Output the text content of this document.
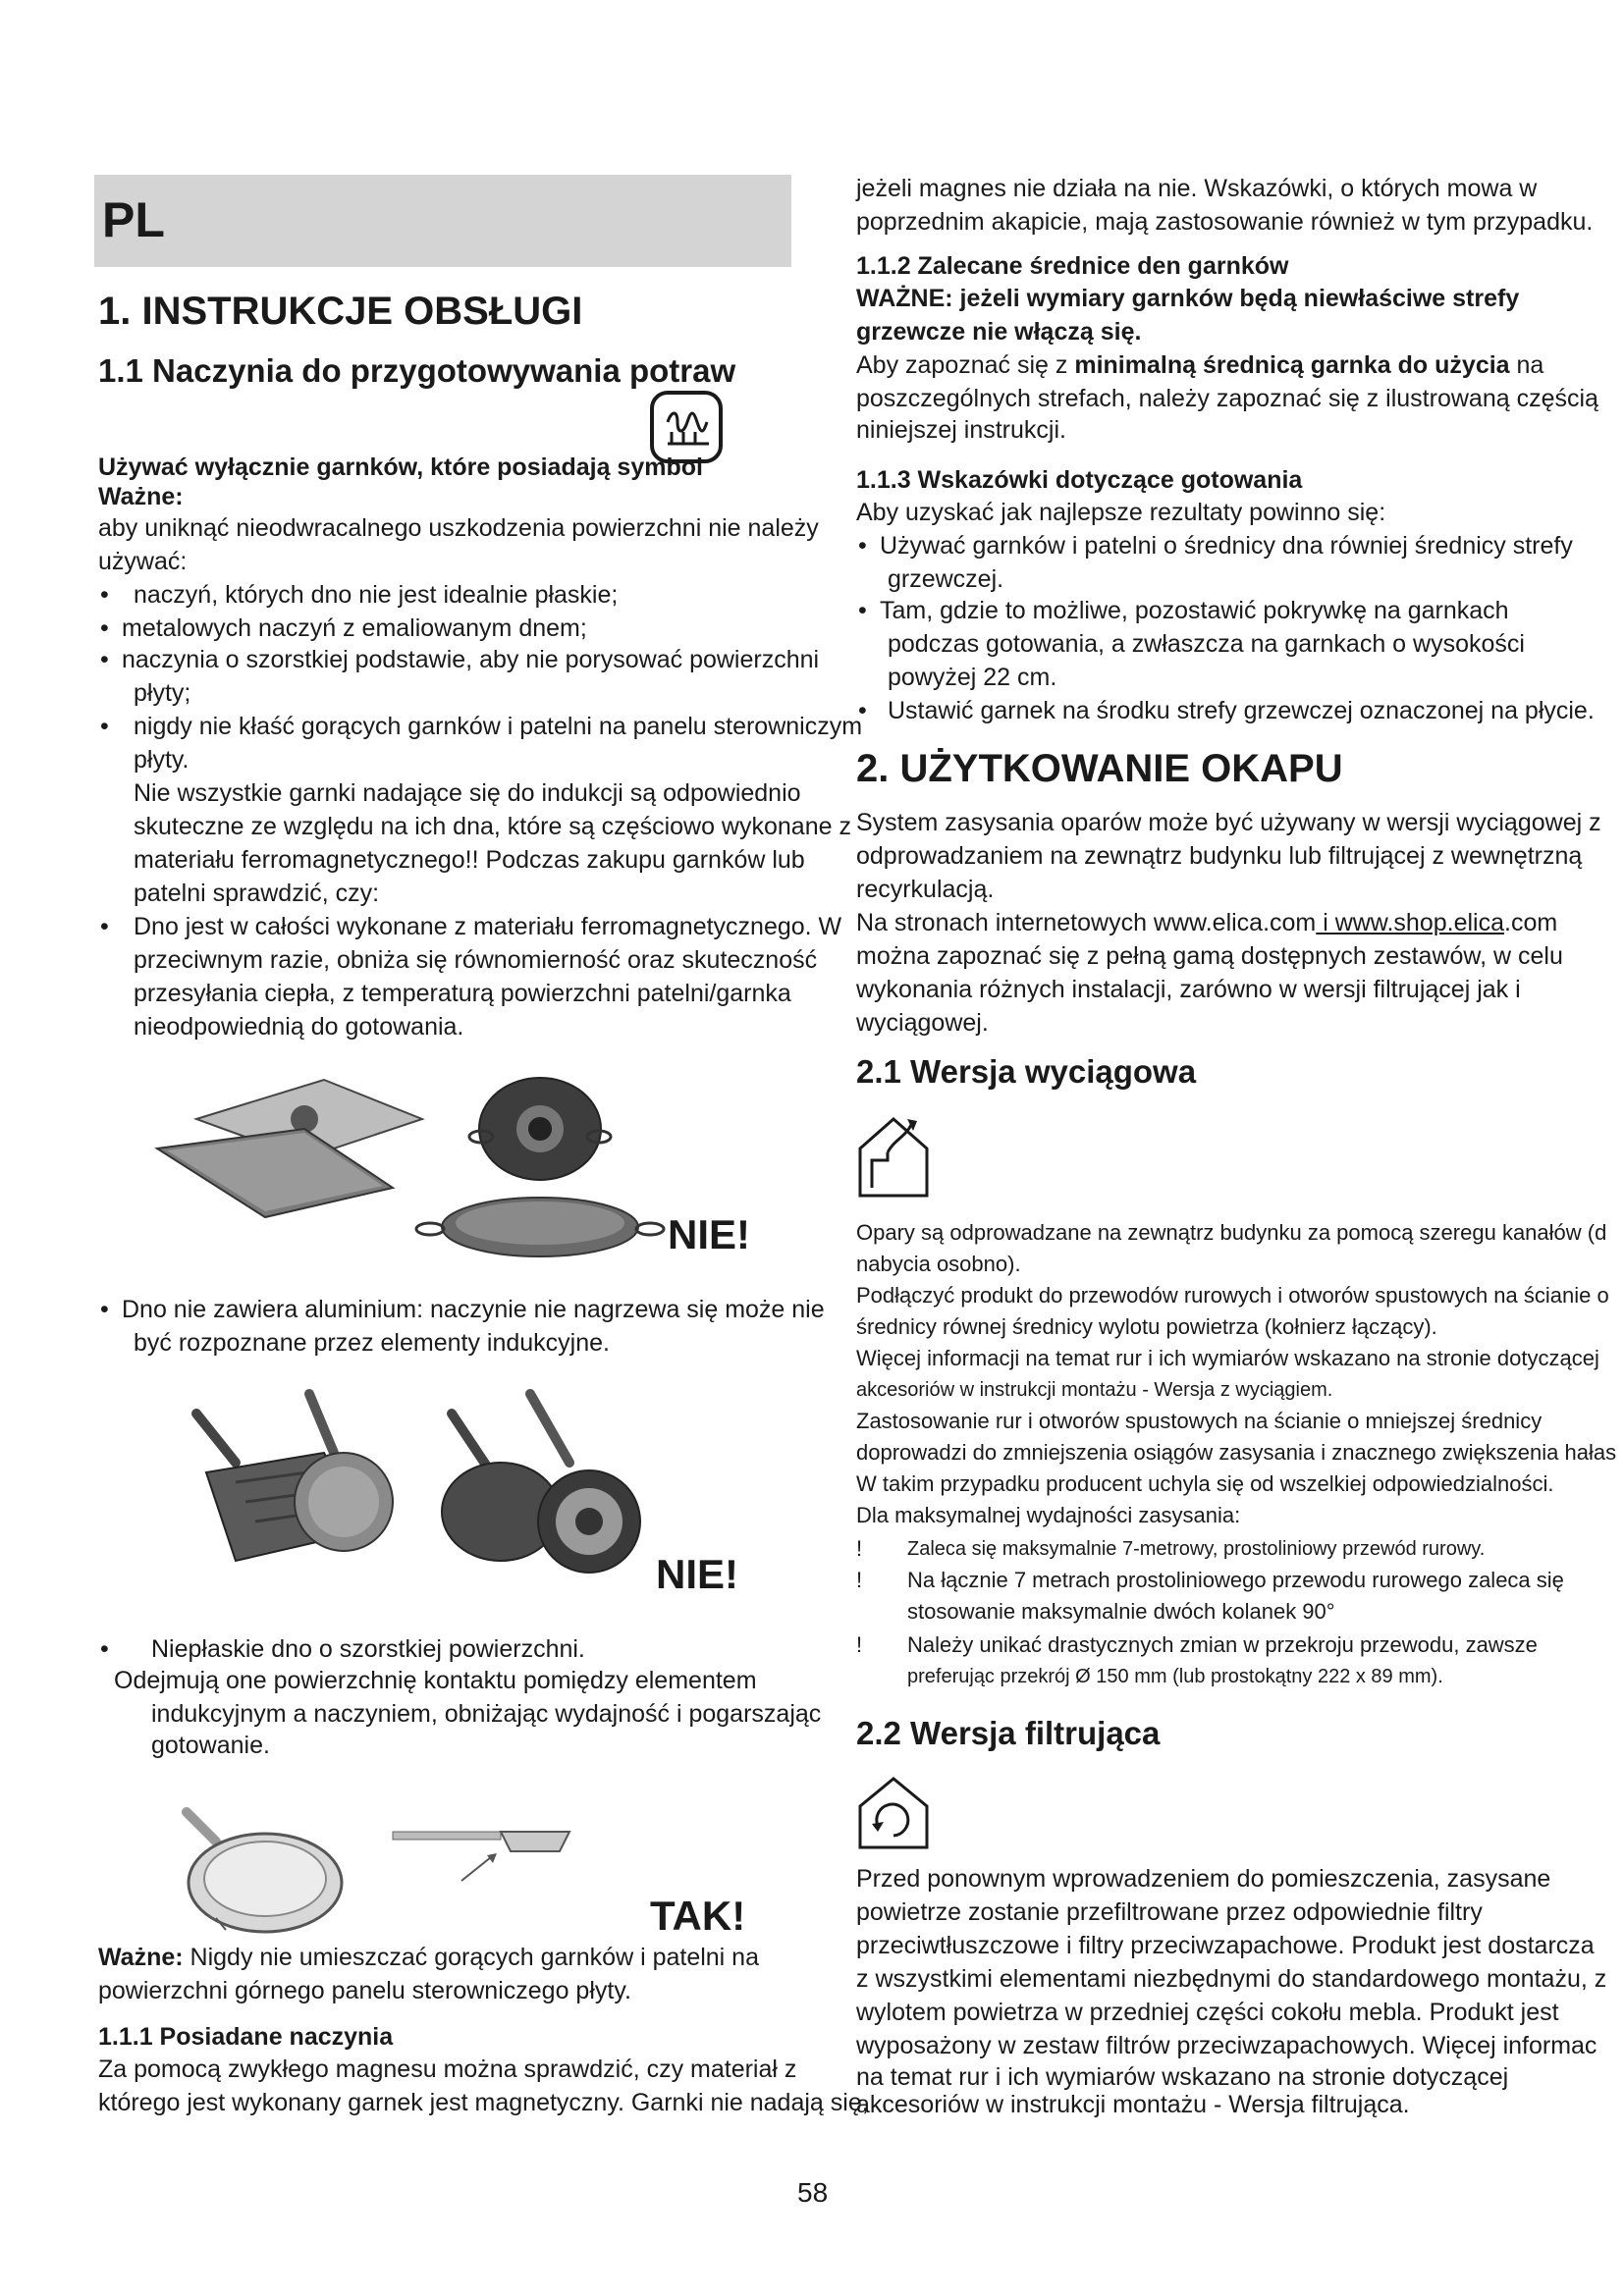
PL
1. INSTRUKCJE OBSŁUGI
1.1 Naczynia do przygotowywania potraw
Używać wyłącznie garnków, które posiadają symbol
Ważne:
aby uniknąć nieodwracalnego uszkodzenia powierzchni nie należy
używać:
• naczyń, których dno nie jest idealnie płaskie;
• metalowych naczyń z emaliowanym dnem;
• naczynia o szorstkiej podstawie, aby nie porysować powierzchni
płyty;
• nigdy nie kłaść gorących garnków i patelni na panelu sterowniczym
płyty.
Nie wszystkie garnki nadające się do indukcji są odpowiednio
skuteczne ze względu na ich dna, które są częściowo wykonane z
materiału ferromagnetycznego!! Podczas zakupu garnków lub
patelni sprawdzić, czy:
• Dno jest w całości wykonane z materiału ferromagnetycznego. W
przeciwnym razie, obniża się równomierność oraz skuteczność
przesyłania ciepła, z temperaturą powierzchni patelni/garnka
nieodpowiednią do gotowania.
NIE!
• Dno nie zawiera aluminium: naczynie nie nagrzewa się może nie
być rozpoznane przez elementy indukcyjne.
NIE!
• Niepłaskie dno o szorstkiej powierzchni.
Odejmują one powierzchnię kontaktu pomiędzy elementem
indukcyjnym a naczyniem, obniżając wydajność i pogarszając
gotowanie.
TAK!
Ważne: Nigdy nie umieszczać gorących garnków i patelni na
powierzchni górnego panelu sterowniczego płyty.
1.1.1 Posiadane naczynia
Za pomocą zwykłego magnesu można sprawdzić, czy materiał z
którego jest wykonany garnek jest magnetyczny. Garnki nie nadają się,
jeżeli magnes nie działa na nie. Wskazówki, o których mowa w
poprzednim akapicie, mają zastosowanie również w tym przypadku.
1.1.2 Zalecane średnice den garnków
WAŻNE: jeżeli wymiary garnków będą niewłaściwe strefy
grzewcze nie włączą się.
Aby zapoznać się z minimalną średnicą garnka do użycia na
poszczególnych strefach, należy zapoznać się z ilustrowaną częścią
niniejszej instrukcji.
1.1.3 Wskazówki dotyczące gotowania
Aby uzyskać jak najlepsze rezultaty powinno się:
• Używać garnków i patelni o średnicy dna równiej średnicy strefy
grzewczej.
• Tam, gdzie to możliwe, pozostawić pokrywkę na garnkach
podczas gotowania, a zwłaszcza na garnkach o wysokości
powyżej 22 cm.
• Ustawić garnek na środku strefy grzewczej oznaczonej na płycie.
2. UŻYTKOWANIE OKAPU
System zasysania oparów może być używany w wersji wyciągowej z
odprowadzaniem na zewnątrz budynku lub filtrującej z wewnętrzną
recyrkulacją.
Na stronach internetowych www.elica.com i www.shop.elica.com
można zapoznać się z pełną gamą dostępnych zestawów, w celu
wykonania różnych instalacji, zarówno w wersji filtrującej jak i
wyciągowej.
2.1 Wersja wyciągowa
Opary są odprowadzane na zewnątrz budynku za pomocą szeregu kanałów (d
nabycia osobno).
Podłączyć produkt do przewodów rurowych i otworów spustowych na ścianie o
średnicy równej średnicy wylotu powietrza (kołnierz łączący).
Więcej informacji na temat rur i ich wymiarów wskazano na stronie dotyczącej
akcesoriów w instrukcji montażu - Wersja z wyciągiem.
Zastosowanie rur i otworów spustowych na ścianie o mniejszej średnicy
doprowadzi do zmniejszenia osiągów zasysania i znacznego zwiększenia hałas
W takim przypadku producent uchyla się od wszelkiej odpowiedzialności.
Dla maksymalnej wydajności zasysania:
! Zaleca się maksymalnie 7-metrowy, prostoliniowy przewód rurowy.
! Na łącznie 7 metrach prostoliniowego przewodu rurowego zaleca się
stosowanie maksymalnie dwóch kolanek 90°
! Należy unikać drastycznych zmian w przekroju przewodu, zawsze
preferując przekrój Ø 150 mm (lub prostokątny 222 x 89 mm).
2.2 Wersja filtrująca
Przed ponownym wprowadzeniem do pomieszczenia, zasysane
powietrze zostanie przefiltrowane przez odpowiednie filtry
przeciwtłuszczowe i filtry przeciwzapachowe. Produkt jest dostarcza
z wszystkimi elementami niezbędnymi do standardowego montażu, z
wylotem powietrza w przedniej części cokołu mebla. Produkt jest
wyposażony w zestaw filtrów przeciwzapachowych. Więcej informac
na temat rur i ich wymiarów wskazano na stronie dotyczącej
akcesoriów w instrukcji montażu - Wersja filtrująca.
58
